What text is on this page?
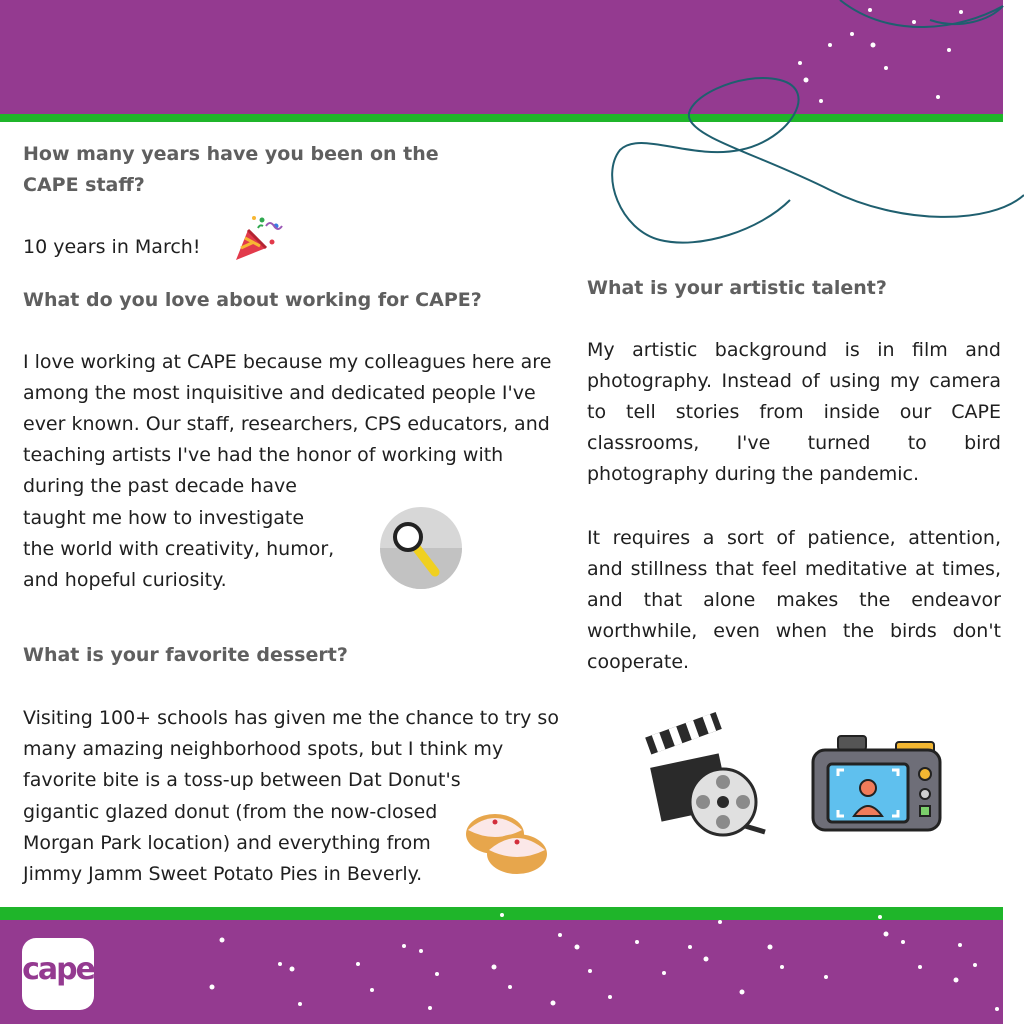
How many years have you been on the CAPE staff?

10 years in March!

What do you love about working for CAPE?

I love working at CAPE because my colleagues here are among the most inquisitive and dedicated people I've ever known. Our staff, researchers, CPS educators, and teaching artists I've had the honor of working with during the past decade have

taught me how to investigate

the world with creativity, humor,

and hopeful curiosity.

What is your favorite dessert?

Visiting 100+ schools has given me the chance to try so many amazing neighborhood spots, but I think my favorite bite is a toss-up between Dat Donut's

gigantic glazed donut (from the now-closed

Morgan Park location) and everything from

Jimmy Jamm Sweet Potato Pies in Beverly.

What is your artistic talent?

My artistic background is in film and photography. Instead of using my camera to tell stories from inside our CAPE classrooms, I've turned to bird photography during the pandemic.

It requires a sort of patience, attention, and stillness that feel meditative at times, and that alone makes the endeavor worthwhile, even when the birds don't cooperate.

cape
